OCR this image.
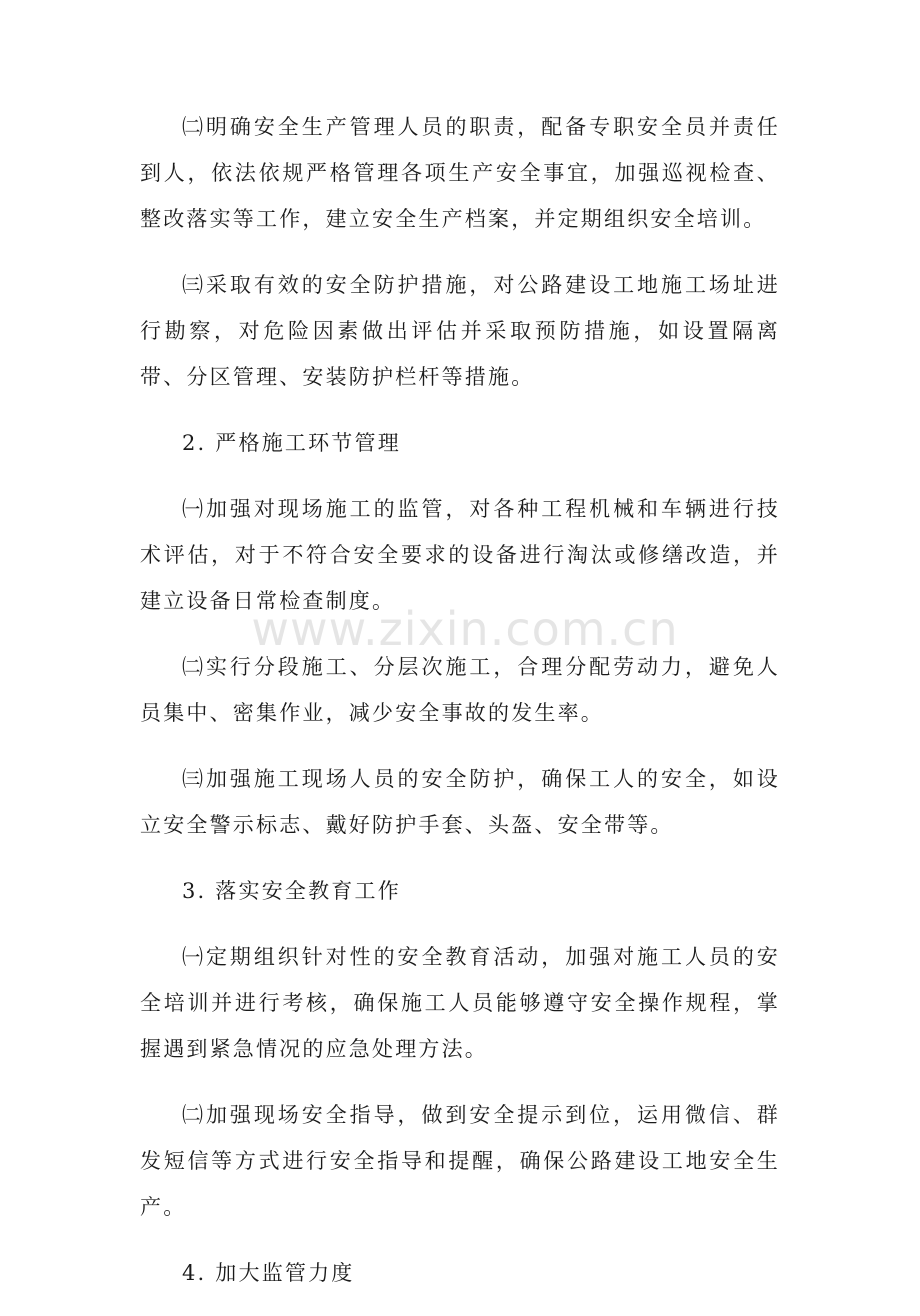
㈡明确安全生产管理人员的职责，配备专职安全员并责任到人，依法依规严格管理各项生产安全事宜，加强巡视检查、整改落实等工作，建立安全生产档案，并定期组织安全培训。

㈢采取有效的安全防护措施，对公路建设工地施工场址进行勘察，对危险因素做出评估并采取预防措施，如设置隔离带、分区管理、安装防护栏杆等措施。

2. 严格施工环节管理

㈠加强对现场施工的监管，对各种工程机械和车辆进行技术评估，对于不符合安全要求的设备进行淘汰或修缮改造，并建立设备日常检查制度。

㈡实行分段施工、分层次施工，合理分配劳动力，避免人员集中、密集作业，减少安全事故的发生率。

㈢加强施工现场人员的安全防护，确保工人的安全，如设立安全警示标志、戴好防护手套、头盔、安全带等。

3. 落实安全教育工作

㈠定期组织针对性的安全教育活动，加强对施工人员的安全培训并进行考核，确保施工人员能够遵守安全操作规程，掌握遇到紧急情况的应急处理方法。

㈡加强现场安全指导，做到安全提示到位，运用微信、群发短信等方式进行安全指导和提醒，确保公路建设工地安全生产。

4. 加大监管力度

www.zixin.com.cn
